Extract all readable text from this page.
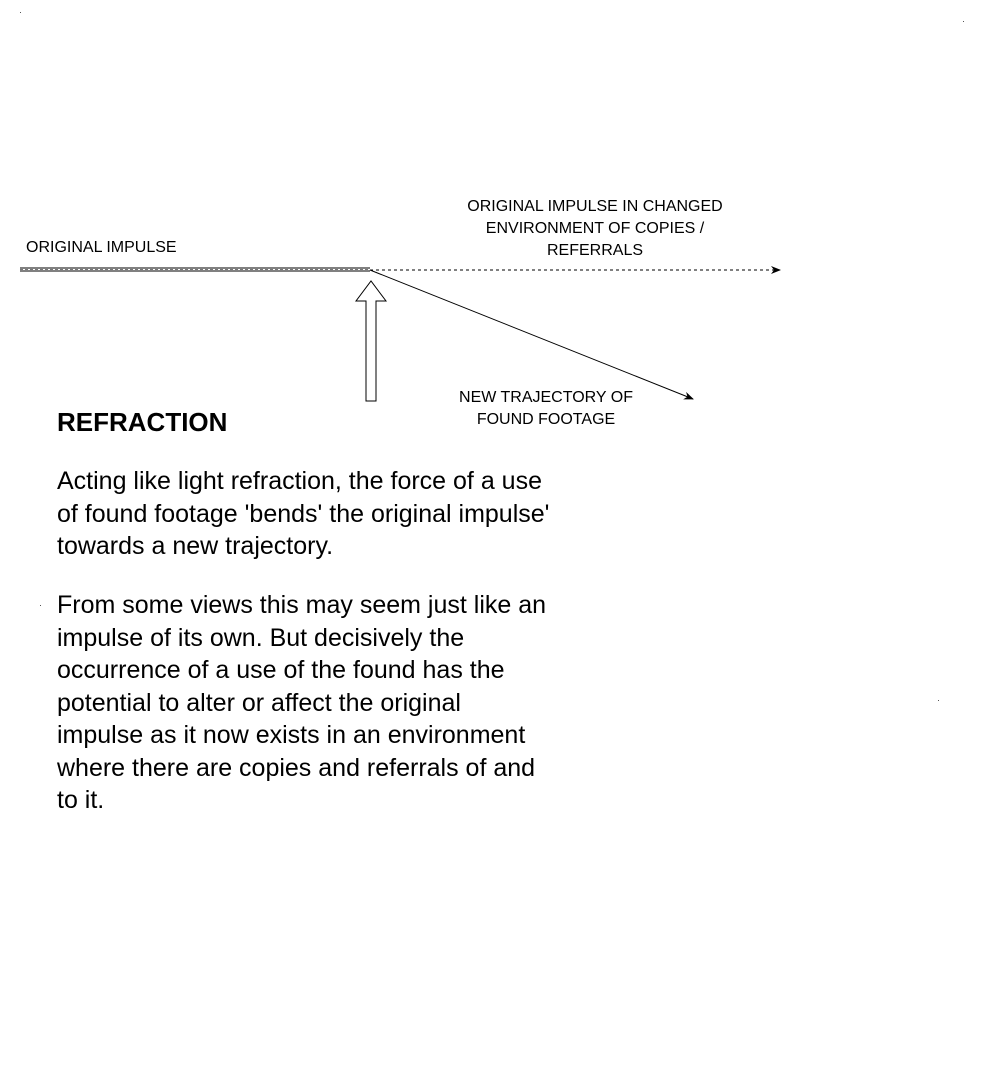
ORIGINAL IMPULSE
ORIGINAL IMPULSE IN CHANGED
ENVIRONMENT OF COPIES /
REFERRALS
NEW TRAJECTORY OF
FOUND FOOTAGE
REFRACTION

Acting like light refraction, the force of a use
of found footage 'bends' the original impulse'
towards a new trajectory.

From some views this may seem just like an
impulse of its own. But decisively the
occurrence of a use of the found has the
potential to alter or affect the original
impulse as it now exists in an environment
where there are copies and referrals of and
to it.
